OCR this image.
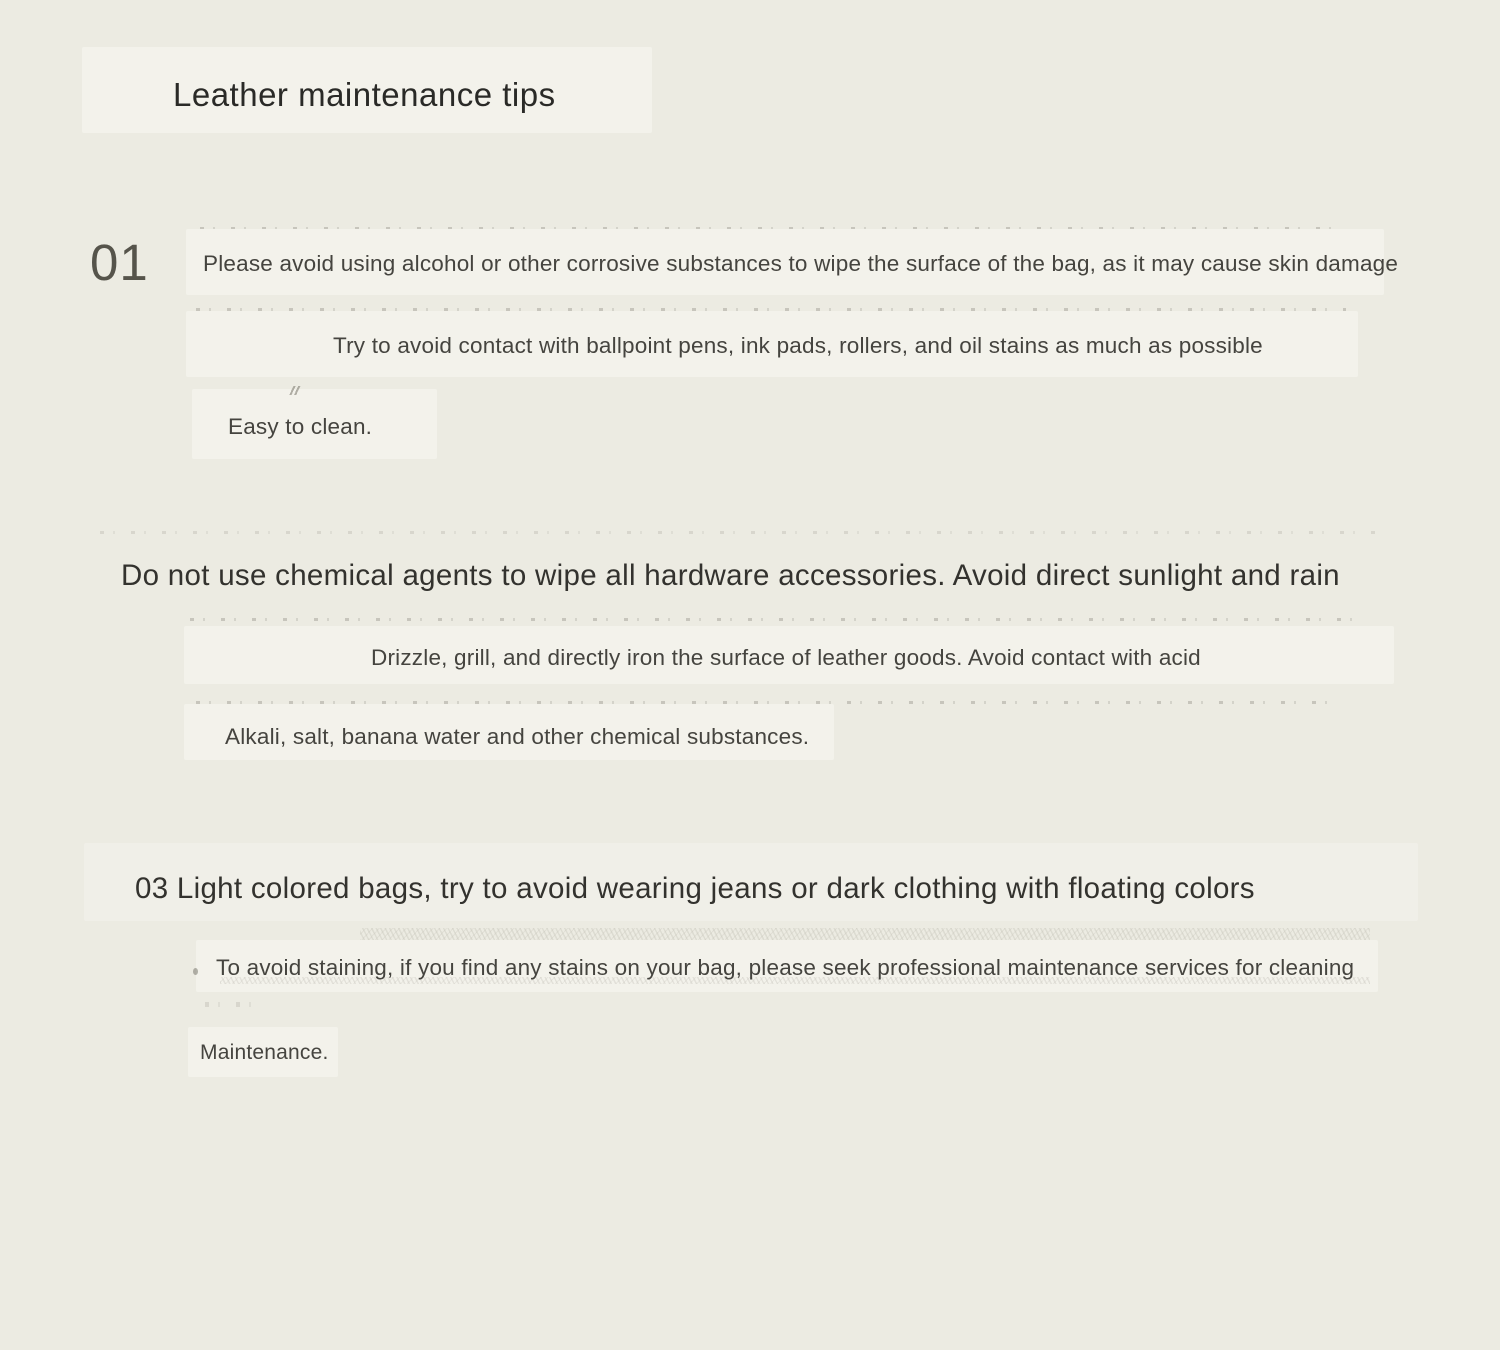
Leather maintenance tips
01 Please avoid using alcohol or other corrosive substances to wipe the surface of the bag, as it may cause skin damage
Try to avoid contact with ballpoint pens, ink pads, rollers, and oil stains as much as possible
Easy to clean.
Do not use chemical agents to wipe all hardware accessories. Avoid direct sunlight and rain
Drizzle, grill, and directly iron the surface of leather goods. Avoid contact with acid
Alkali, salt, banana water and other chemical substances.
03 Light colored bags, try to avoid wearing jeans or dark clothing with floating colors
To avoid staining, if you find any stains on your bag, please seek professional maintenance services for cleaning
Maintenance.
